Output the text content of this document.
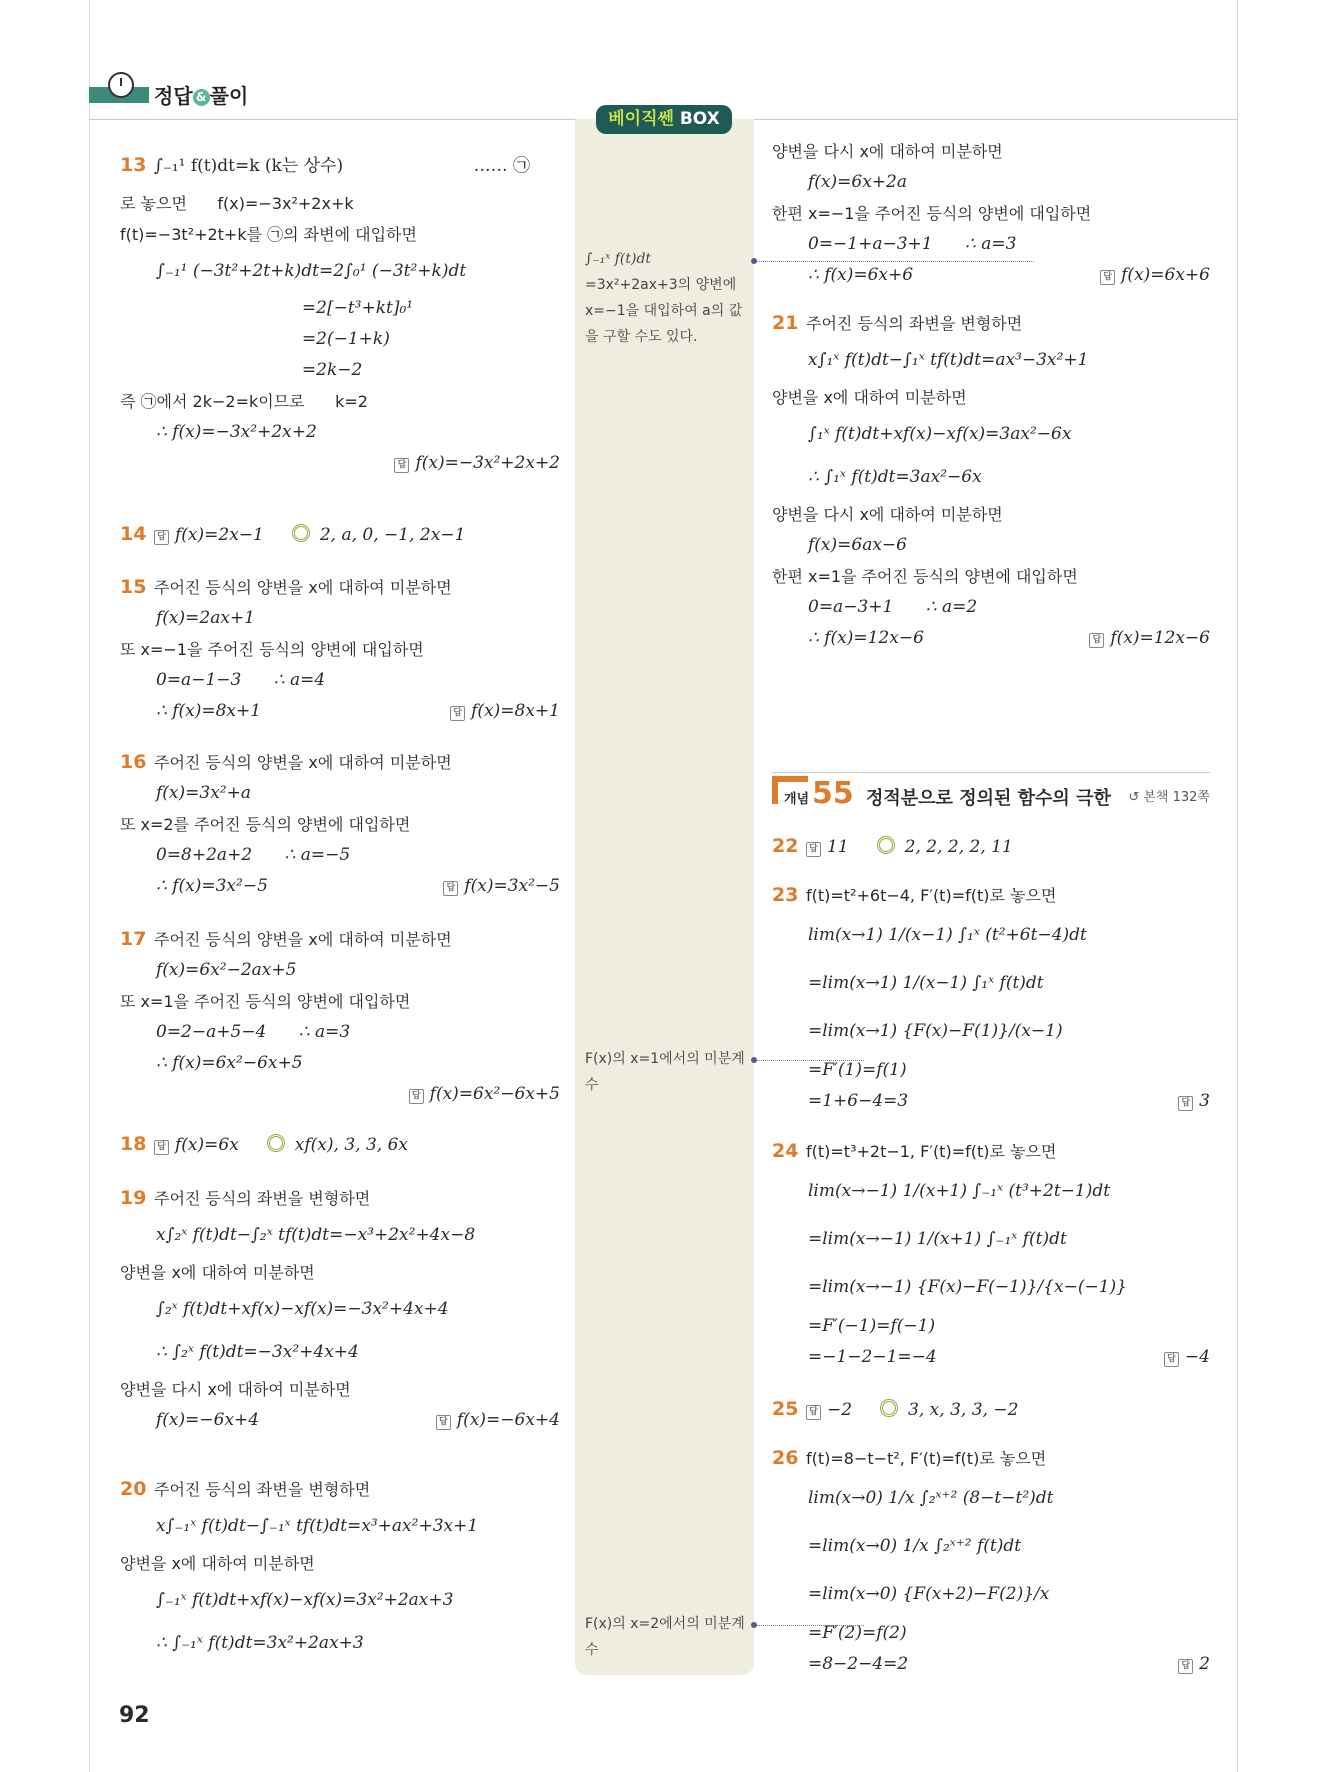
정답 & 풀이
베이직쎈 BOX
∫₋₁ˣ f(t)dt
=3x²+2ax+3의 양변에 x=−1을 대입하여 a의 값을 구할 수도 있다.
F(x)의 x=1에서의 미분계수
F(x)의 x=2에서의 미분계수
개념 55 정적분으로 정의된 함수의 극한 ↺ 본책 132쪽
92
13 ∫₋₁¹ f(t)dt=k (k는 상수)	…… ㉠
로 놓으면      f(x)=−3x²+2x+k
f(t)=−3t²+2t+k를 ㉠의 좌변에 대입하면
∫₋₁¹ (−3t²+2t+k)dt=2∫₀¹ (−3t²+k)dt
=2[−t³+kt]₀¹
=2(−1+k)
=2k−2
즉 ㉠에서 2k−2=k이므로      k=2
∴ f(x)=−3x²+2x+2
답 f(x)=−3x²+2x+2
14 답 f(x)=2x−1	2, a, 0, −1, 2x−1
15 주어진 등식의 양변을 x에 대하여 미분하면
f(x)=2ax+1
또 x=−1을 주어진 등식의 양변에 대입하면
0=a−1−3      ∴ a=4
∴ f(x)=8x+1	답 f(x)=8x+1
16 주어진 등식의 양변을 x에 대하여 미분하면
f(x)=3x²+a
또 x=2를 주어진 등식의 양변에 대입하면
0=8+2a+2      ∴ a=−5
∴ f(x)=3x²−5	답 f(x)=3x²−5
17 주어진 등식의 양변을 x에 대하여 미분하면
f(x)=6x²−2ax+5
또 x=1을 주어진 등식의 양변에 대입하면
0=2−a+5−4      ∴ a=3
∴ f(x)=6x²−6x+5
답 f(x)=6x²−6x+5
18 답 f(x)=6x	xf(x), 3, 3, 6x
19 주어진 등식의 좌변을 변형하면
x∫₂ˣ f(t)dt−∫₂ˣ tf(t)dt=−x³+2x²+4x−8
양변을 x에 대하여 미분하면
∫₂ˣ f(t)dt+xf(x)−xf(x)=−3x²+4x+4
∴ ∫₂ˣ f(t)dt=−3x²+4x+4
양변을 다시 x에 대하여 미분하면
f(x)=−6x+4	답 f(x)=−6x+4
20 주어진 등식의 좌변을 변형하면
x∫₋₁ˣ f(t)dt−∫₋₁ˣ tf(t)dt=x³+ax²+3x+1
양변을 x에 대하여 미분하면
∫₋₁ˣ f(t)dt+xf(x)−xf(x)=3x²+2ax+3
∴ ∫₋₁ˣ f(t)dt=3x²+2ax+3
양변을 다시 x에 대하여 미분하면
f(x)=6x+2a
한편 x=−1을 주어진 등식의 양변에 대입하면
0=−1+a−3+1      ∴ a=3
∴ f(x)=6x+6	답 f(x)=6x+6
21 주어진 등식의 좌변을 변형하면
x∫₁ˣ f(t)dt−∫₁ˣ tf(t)dt=ax³−3x²+1
양변을 x에 대하여 미분하면
∫₁ˣ f(t)dt+xf(x)−xf(x)=3ax²−6x
∴ ∫₁ˣ f(t)dt=3ax²−6x
양변을 다시 x에 대하여 미분하면
f(x)=6ax−6
한편 x=1을 주어진 등식의 양변에 대입하면
0=a−3+1      ∴ a=2
∴ f(x)=12x−6	답 f(x)=12x−6
22 답 11	2, 2, 2, 2, 11
23 f(t)=t²+6t−4, F′(t)=f(t)로 놓으면
lim(x→1) 1/(x−1) ∫₁ˣ (t²+6t−4)dt
=lim(x→1) 1/(x−1) ∫₁ˣ f(t)dt
=lim(x→1) {F(x)−F(1)}/(x−1)
=F′(1)=f(1)
=1+6−4=3	답 3
24 f(t)=t³+2t−1, F′(t)=f(t)로 놓으면
lim(x→−1) 1/(x+1) ∫₋₁ˣ (t³+2t−1)dt
=lim(x→−1) 1/(x+1) ∫₋₁ˣ f(t)dt
=lim(x→−1) {F(x)−F(−1)}/{x−(−1)}
=F′(−1)=f(−1)
=−1−2−1=−4	답 −4
25 답 −2	3, x, 3, 3, −2
26 f(t)=8−t−t², F′(t)=f(t)로 놓으면
lim(x→0) 1/x ∫₂ˣ⁺² (8−t−t²)dt
=lim(x→0) 1/x ∫₂ˣ⁺² f(t)dt
=lim(x→0) {F(x+2)−F(2)}/x
=F′(2)=f(2)
=8−2−4=2	답 2
